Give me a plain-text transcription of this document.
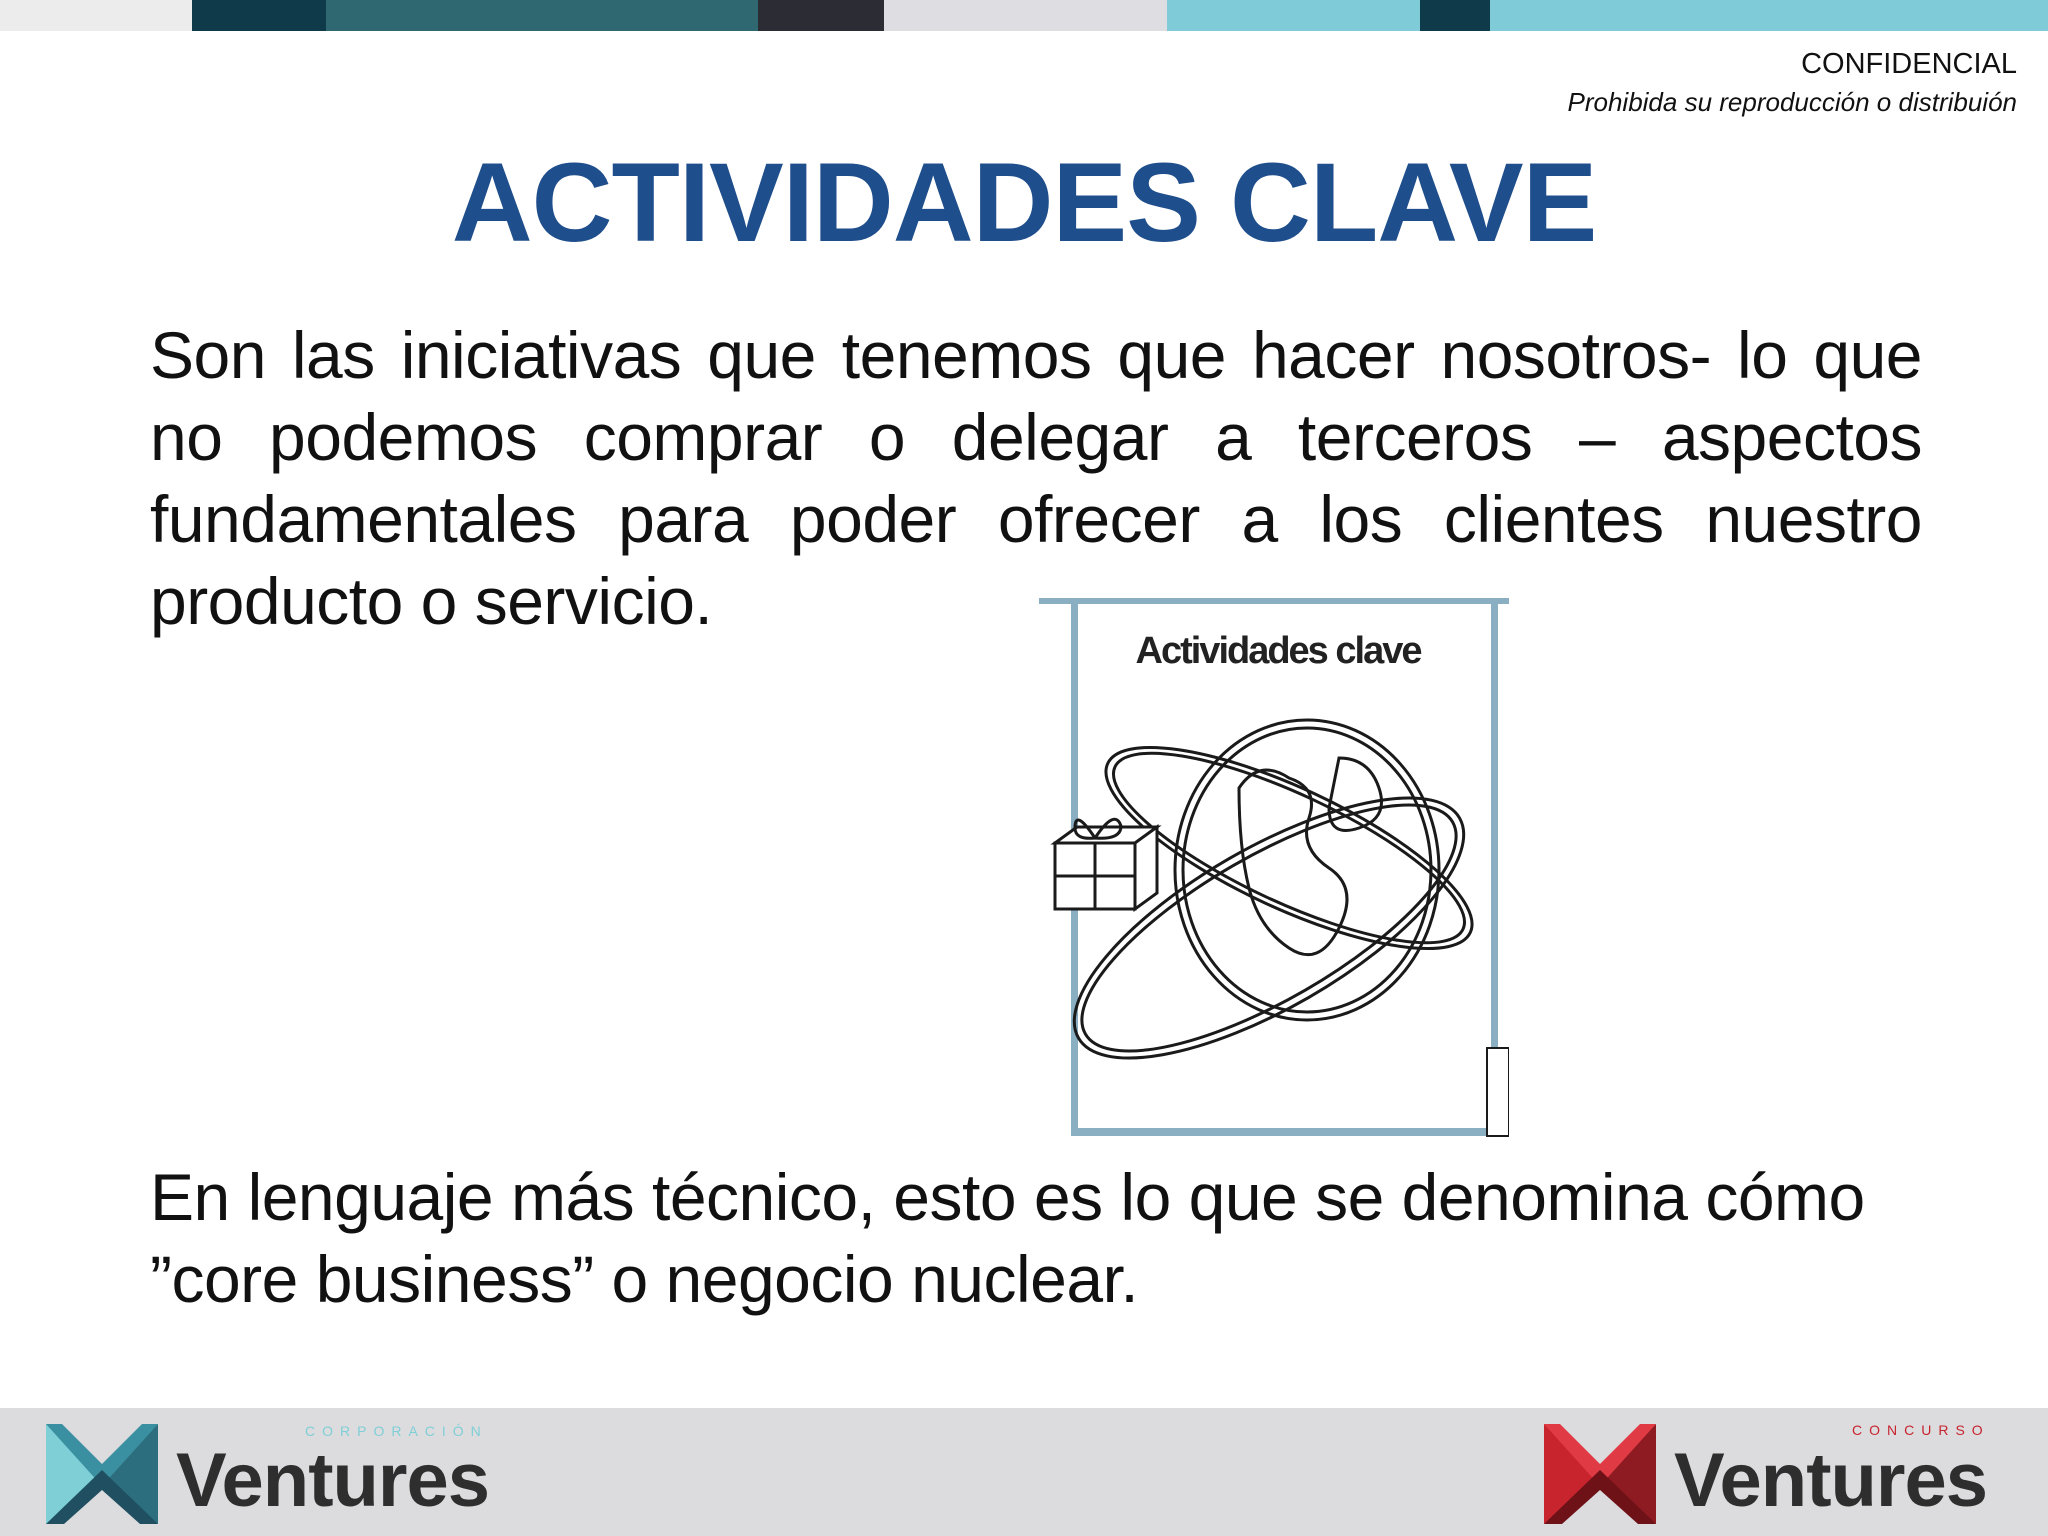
CONFIDENCIAL
Prohibida su reproducción o distribuión
ACTIVIDADES CLAVE
Son las iniciativas que tenemos que hacer nosotros- lo que no podemos comprar o delegar a terceros – aspectos fundamentales para poder ofrecer a los clientes nuestro producto o servicio.
Actividades clave
En lenguaje más técnico, esto es lo que se denomina cómo
”core business” o negocio nuclear.
CORPORACIÓN
Ventures
CONCURSO
Ventures
